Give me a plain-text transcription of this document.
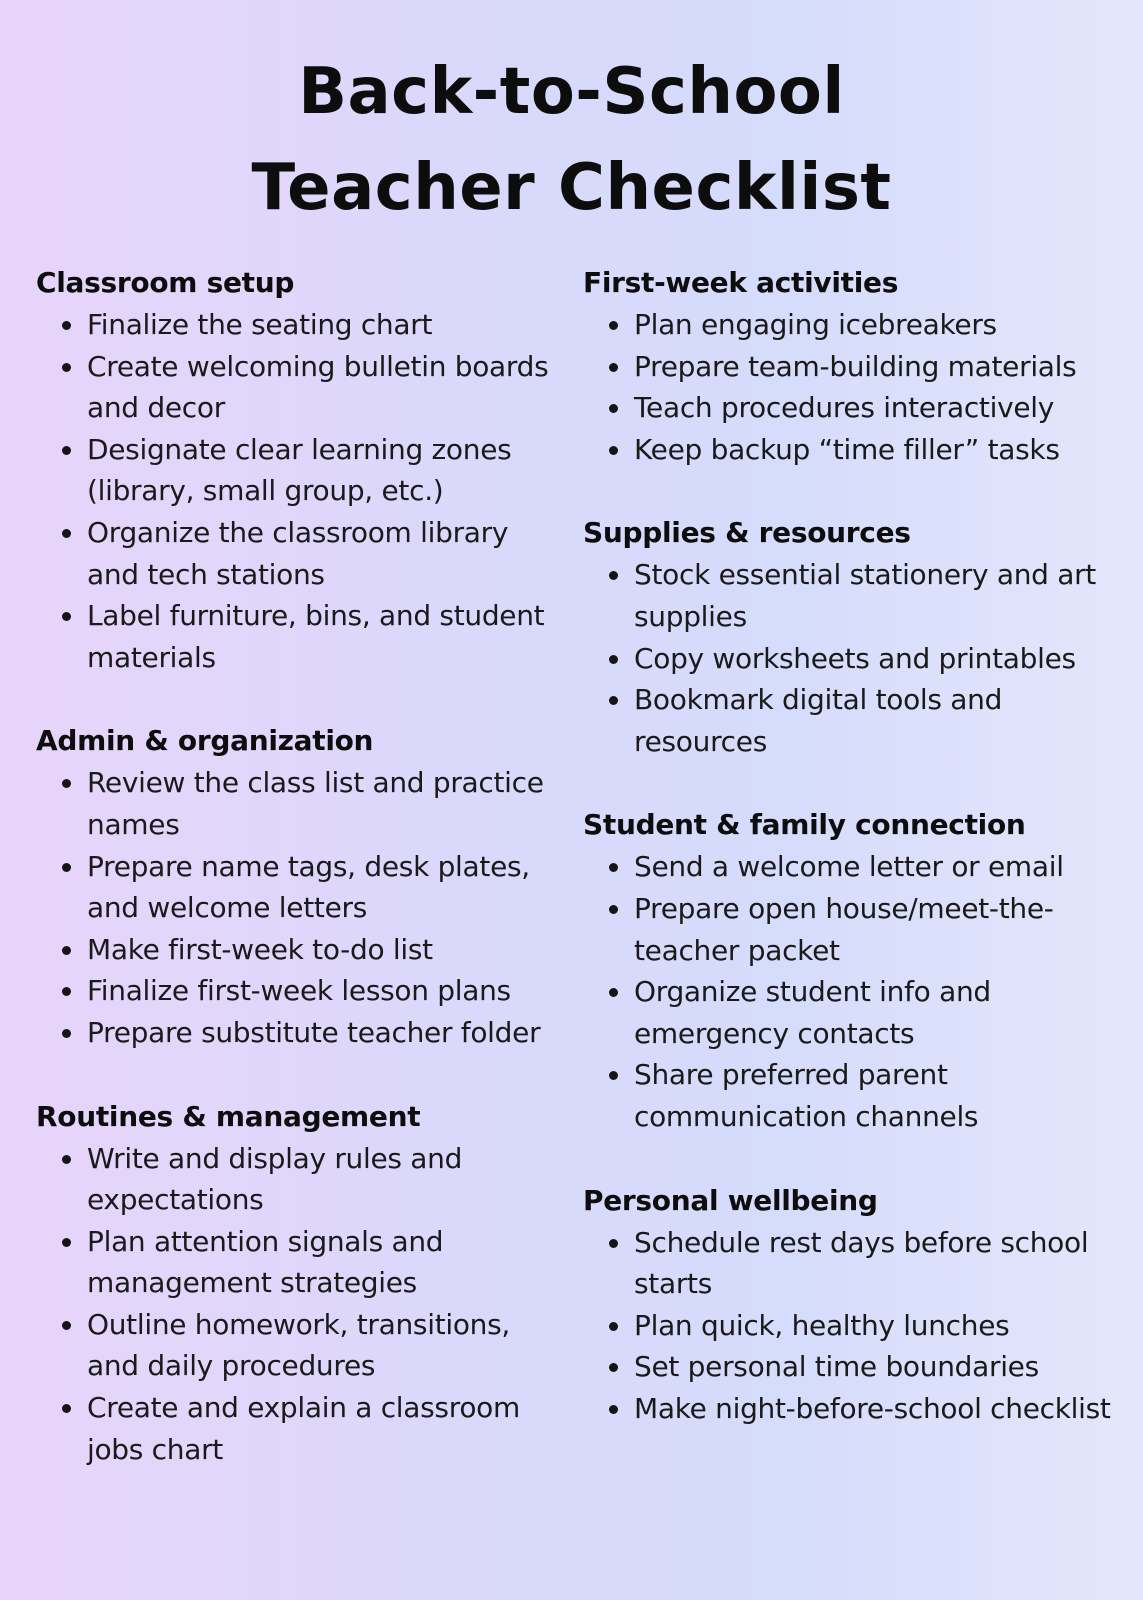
Back-to-School
Teacher Checklist
Classroom setup
Finalize the seating chart
Create welcoming bulletin boards and decor
Designate clear learning zones (library, small group, etc.)
Organize the classroom library and tech stations
Label furniture, bins, and student materials
Admin & organization
Review the class list and practice names
Prepare name tags, desk plates, and welcome letters
Make first-week to-do list
Finalize first-week lesson plans
Prepare substitute teacher folder
Routines & management
Write and display rules and expectations
Plan attention signals and management strategies
Outline homework, transitions, and daily procedures
Create and explain a classroom jobs chart
First-week activities
Plan engaging icebreakers
Prepare team-building materials
Teach procedures interactively
Keep backup “time filler” tasks
Supplies & resources
Stock essential stationery and art supplies
Copy worksheets and printables
Bookmark digital tools and resources
Student & family connection
Send a welcome letter or email
Prepare open house/meet-the-teacher packet
Organize student info and emergency contacts
Share preferred parent communication channels
Personal wellbeing
Schedule rest days before school starts
Plan quick, healthy lunches
Set personal time boundaries
Make night-before-school checklist
